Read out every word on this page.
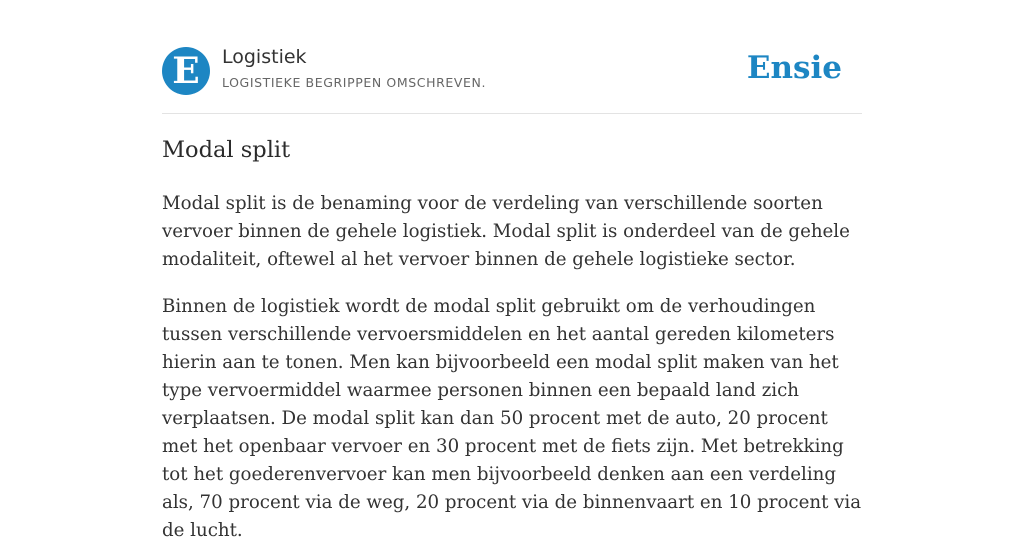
E	Logistiek
LOGISTIEKE BEGRIPPEN OMSCHREVEN.	Ensie
Modal split

Modal split is de benaming voor de verdeling van verschillende soorten vervoer binnen de gehele logistiek. Modal split is onderdeel van de gehele modaliteit, oftewel al het vervoer binnen de gehele logistieke sector.

Binnen de logistiek wordt de modal split gebruikt om de verhoudingen tussen verschillende vervoersmiddelen en het aantal gereden kilometers hierin aan te tonen. Men kan bijvoorbeeld een modal split maken van het type vervoermiddel waarmee personen binnen een bepaald land zich verplaatsen. De modal split kan dan 50 procent met de auto, 20 procent met het openbaar vervoer en 30 procent met de fiets zijn. Met betrekking tot het goederenvervoer kan men bijvoorbeeld denken aan een verdeling als, 70 procent via de weg, 20 procent via de binnenvaart en 10 procent via de lucht.
